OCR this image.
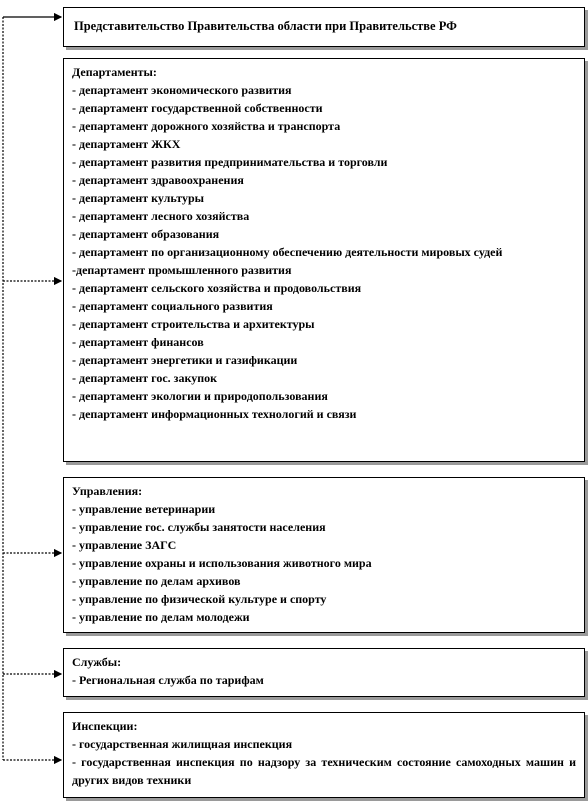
Представительство Правительства области при Правительстве РФ
Департаменты:
- департамент экономического развития
- департамент государственной собственности
- департамент дорожного хозяйства и транспорта
- департамент ЖКХ
- департамент развития предпринимательства и торговли
- департамент здравоохранения
- департамент культуры
- департамент лесного хозяйства
- департамент образования
- департамент по организационному обеспечению деятельности мировых судей
-департамент промышленного развития
- департамент сельского хозяйства и продовольствия
- департамент социального развития
- департамент строительства и архитектуры
- департамент финансов
- департамент энергетики и газификации
- департамент гос. закупок
- департамент экологии и природопользования
- департамент информационных технологий и связи
Управления:
- управление ветеринарии
- управление гос. службы занятости населения
- управление ЗАГС
- управление охраны и использования животного мира
- управление по делам архивов
- управление по физической культуре и спорту
- управление по делам молодежи
Службы:
- Региональная служба по тарифам
Инспекции:
- государственная жилищная инспекция
- государственная инспекция по надзору за техническим состояние самоходных машин и других видов техники
